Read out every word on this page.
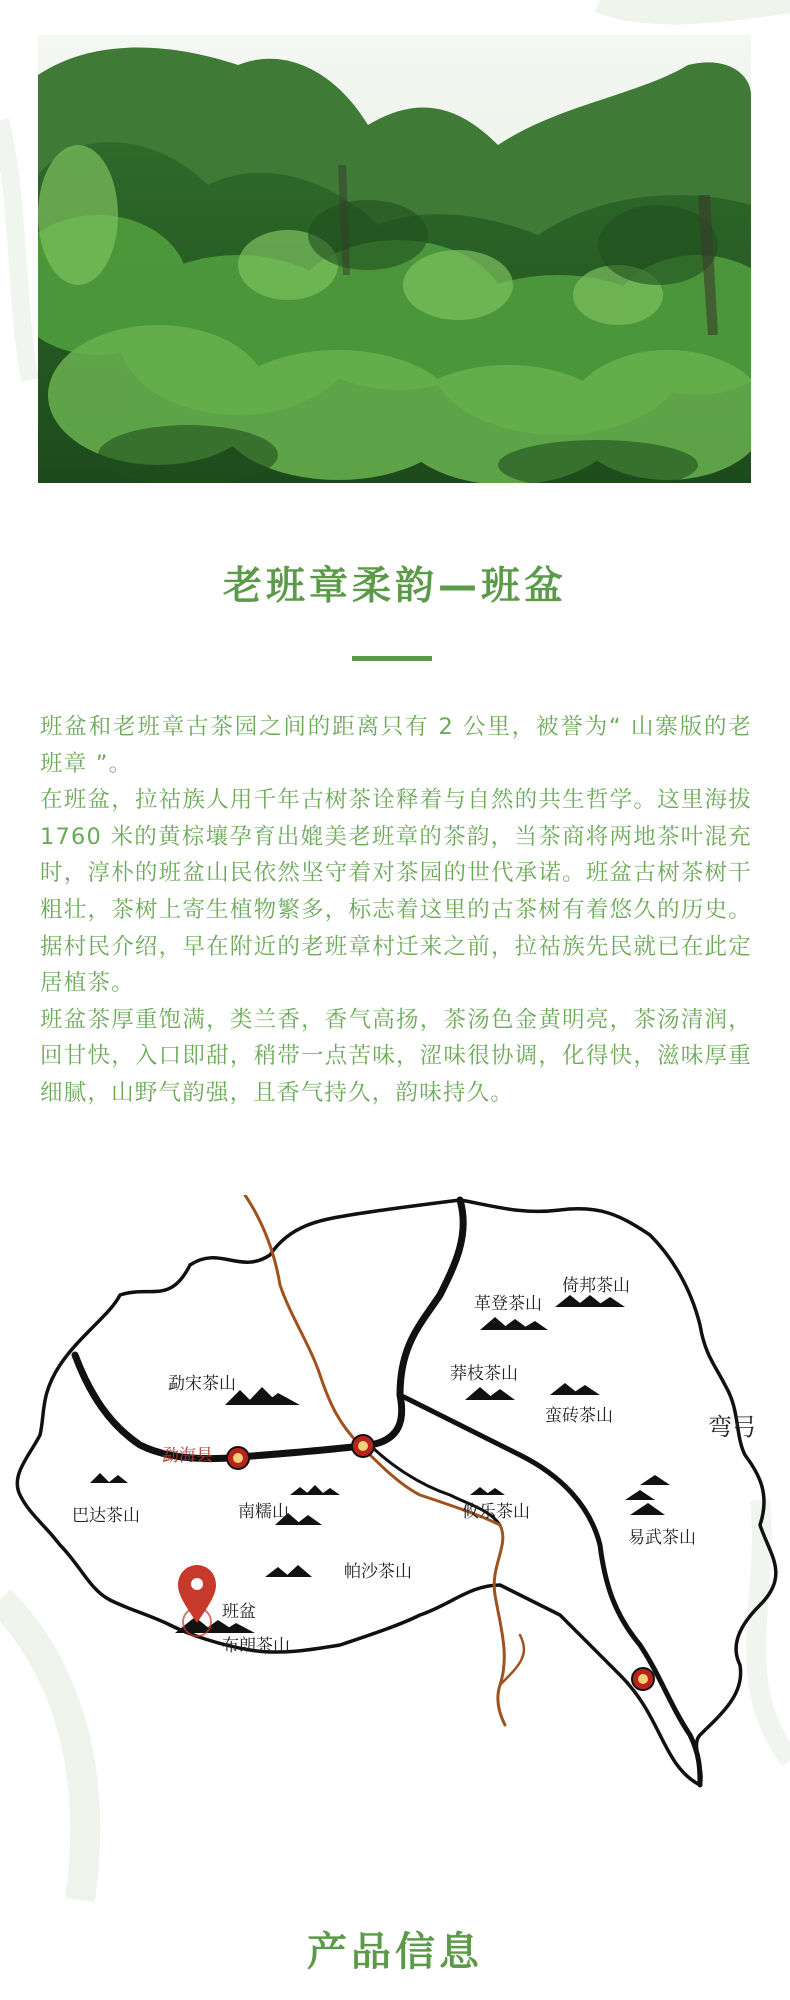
老班章柔韵—班盆

班盆和老班章古茶园之间的距离只有 2 公里，被誉为“ 山寨版的老班章 ”。

在班盆，拉祜族人用千年古树茶诠释着与自然的共生哲学。这里海拔 1760 米的黄棕壤孕育出媲美老班章的茶韵，当茶商将两地茶叶混充时，淳朴的班盆山民依然坚守着对茶园的世代承诺。班盆古树茶树干粗壮，茶树上寄生植物繁多，标志着这里的古茶树有着悠久的历史。据村民介绍，早在附近的老班章村迁来之前，拉祜族先民就已在此定居植茶。

班盆茶厚重饱满，类兰香，香气高扬，茶汤色金黄明亮，茶汤清润，回甘快，入口即甜，稍带一点苦味，涩味很协调，化得快，滋味厚重细腻，山野气韵强，且香气持久，韵味持久。

勐宋茶山
勐海县
巴达茶山	南糯山
帕沙茶山
班盆
布朗茶山
革登茶山
倚邦茶山
莽枝茶山
蛮砖茶山
攸乐茶山
易武茶山
弯弓
产品信息
